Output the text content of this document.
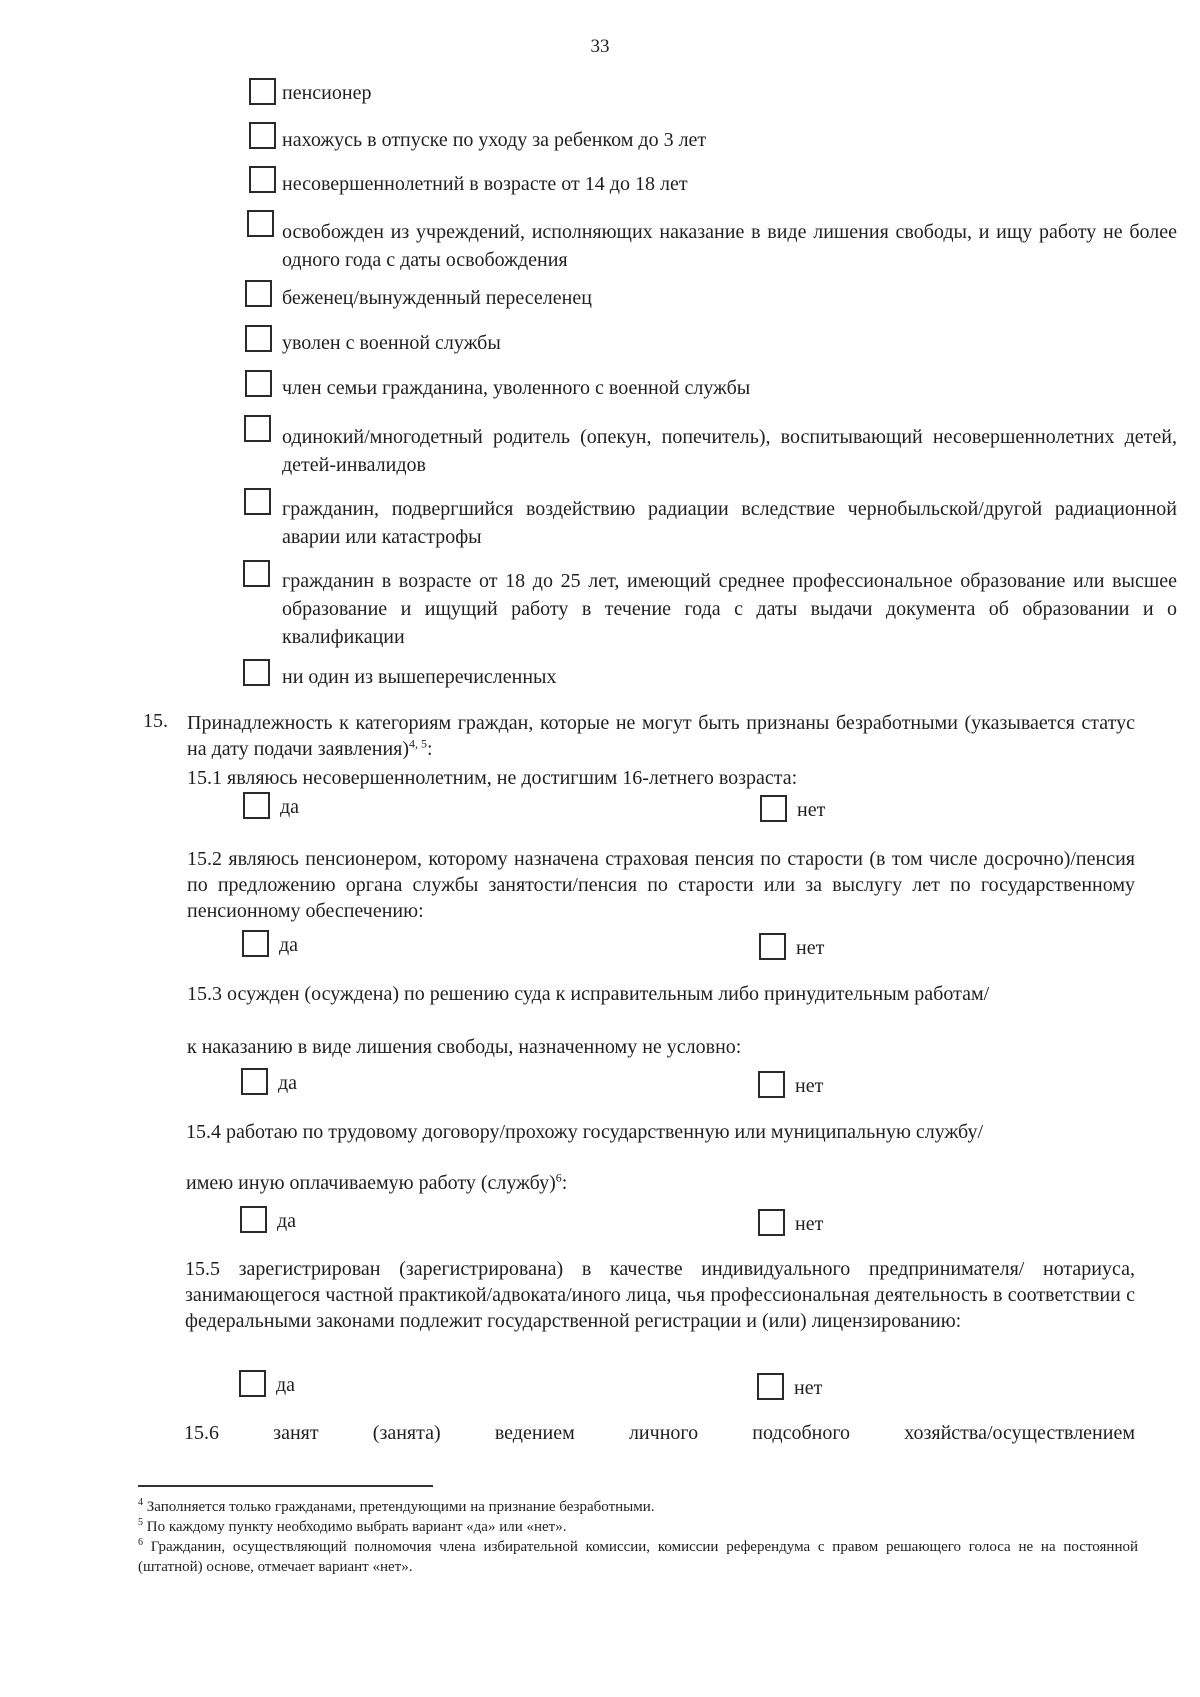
33
пенсионер
нахожусь в отпуске по уходу за ребенком до 3 лет
несовершеннолетний в возрасте от 14 до 18 лет
освобожден из учреждений, исполняющих наказание в виде лишения свободы, и ищу работу не более одного года с даты освобождения
беженец/вынужденный переселенец
уволен с военной службы
член семьи гражданина, уволенного с военной службы
одинокий/многодетный родитель (опекун, попечитель), воспитывающий несовершеннолетних детей, детей-инвалидов
гражданин, подвергшийся воздействию радиации вследствие чернобыльской/другой радиационной аварии или катастрофы
гражданин в возрасте от 18 до 25 лет, имеющий среднее профессиональное образование или высшее образование и ищущий работу в течение года с даты выдачи документа об образовании и о квалификации
ни один из вышеперечисленных
15. Принадлежность к категориям граждан, которые не могут быть признаны безработными (указывается статус на дату подачи заявления)$^{4, 5}$:
15.1 являюсь несовершеннолетним, не достигшим 16-летнего возраста:
да	нет
15.2 являюсь пенсионером, которому назначена страховая пенсия по старости (в том числе досрочно)/пенсия по предложению органа службы занятости/пенсия по старости или за выслугу лет по государственному пенсионному обеспечению:
да	нет
15.3 осужден (осуждена) по решению суда к исправительным либо принудительным работам/
к наказанию в виде лишения свободы, назначенному не условно:
да	нет
15.4 работаю по трудовому договору/прохожу государственную или муниципальную службу/
имею иную оплачиваемую работу (службу)$^6$:
да	нет
15.5 зарегистрирован (зарегистрирована) в качестве индивидуального предпринимателя/ нотариуса, занимающегося частной практикой/адвоката/иного лица, чья профессиональная деятельность в соответствии с федеральными законами подлежит государственной регистрации и (или) лицензированию:
да	нет
15.6 занят (занята) ведением личного подсобного хозяйства/осуществлением
$^4$ Заполняется только гражданами, претендующими на признание безработными.
$^5$ По каждому пункту необходимо выбрать вариант «да» или «нет».
$^6$ Гражданин, осуществляющий полномочия члена избирательной комиссии, комиссии референдума с правом решающего голоса не на постоянной (штатной) основе, отмечает вариант «нет».
